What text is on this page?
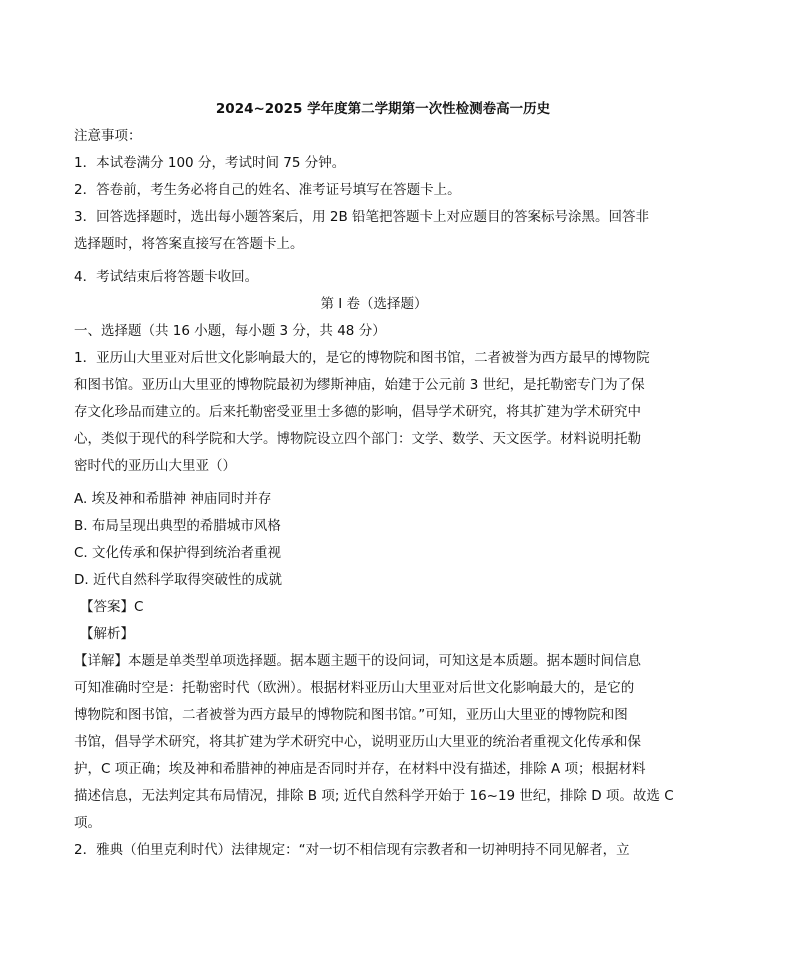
2024~2025 学年度第二学期第一次性检测卷高一历史
注意事项：
1．本试卷满分 100 分，考试时间 75 分钟。
2．答卷前，考生务必将自己的姓名、准考证号填写在答题卡上。
3．回答选择题时，选出每小题答案后，用 2B 铅笔把答题卡上对应题目的答案标号涂黑。回答非
选择题时，将答案直接写在答题卡上。
4．考试结束后将答题卡收回。
第 I 卷（选择题）
一、选择题（共 16 小题，每小题 3 分，共 48 分）
1．亚历山大里亚对后世文化影响最大的，是它的博物院和图书馆，二者被誉为西方最早的博物院
和图书馆。亚历山大里亚的博物院最初为缪斯神庙，始建于公元前 3 世纪，是托勒密专门为了保
存文化珍品而建立的。后来托勒密受亚里士多德的影响，倡导学术研究，将其扩建为学术研究中
心，类似于现代的科学院和大学。博物院设立四个部门：文学、数学、天文医学。材料说明托勒
密时代的亚历山大里亚（）
A. 埃及神和希腊神 神庙同时并存
B. 布局呈现出典型的希腊城市风格
C. 文化传承和保护得到统治者重视
D. 近代自然科学取得突破性的成就
【答案】C
【解析】
【详解】本题是单类型单项选择题。据本题主题干的设问词，可知这是本质题。据本题时间信息
可知准确时空是：托勒密时代（欧洲）。根据材料亚历山大里亚对后世文化影响最大的，是它的
博物院和图书馆，二者被誉为西方最早的博物院和图书馆。”可知，亚历山大里亚的博物院和图
书馆，倡导学术研究，将其扩建为学术研究中心，说明亚历山大里亚的统治者重视文化传承和保
护，C 项正确；埃及神和希腊神的神庙是否同时并存，在材料中没有描述，排除 A 项；根据材料
描述信息，无法判定其布局情况，排除 B 项; 近代自然科学开始于 16~19 世纪，排除 D 项。故选 C
项。
2．雅典（伯里克利时代）法律规定：“对一切不相信现有宗教者和一切神明持不同见解者，立
